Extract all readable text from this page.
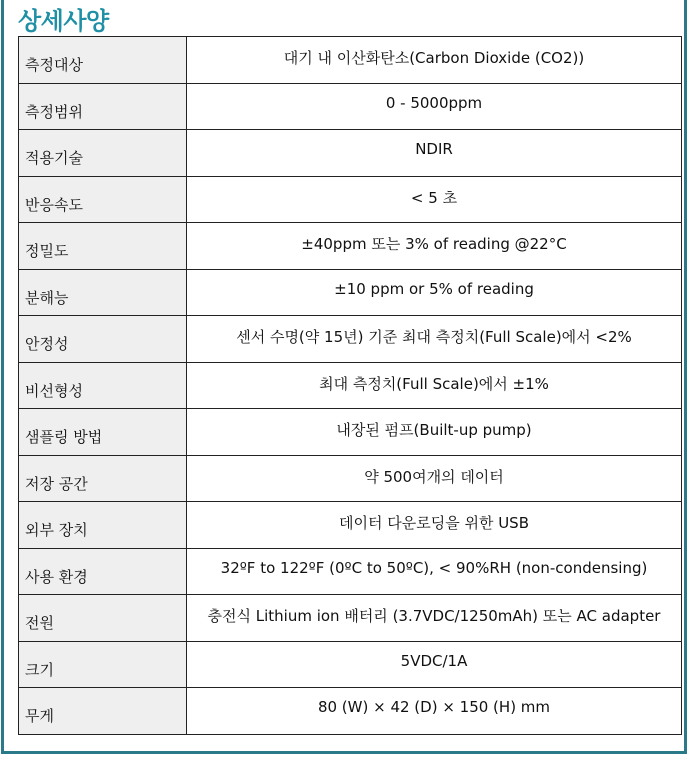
상세사양
측정대상	대기 내 이산화탄소(Carbon Dioxide (CO2))
측정범위	0 - 5000ppm
적용기술	NDIR
반응속도	< 5 초
정밀도	±40ppm 또는 3% of reading @22°C
분해능	±10 ppm or 5% of reading
안정성	센서 수명(약 15년) 기준 최대 측정치(Full Scale)에서 <2%
비선형성	최대 측정치(Full Scale)에서 ±1%
샘플링 방법	내장된 펌프(Built-up pump)
저장 공간	약 500여개의 데이터
외부 장치	데이터 다운로딩을 위한 USB
사용 환경	32ºF to 122ºF (0ºC to 50ºC), < 90%RH (non-condensing)
전원	충전식 Lithium ion 배터리 (3.7VDC/1250mAh) 또는 AC adapter
크기	5VDC/1A
무게	80 (W) × 42 (D) × 150 (H) mm
